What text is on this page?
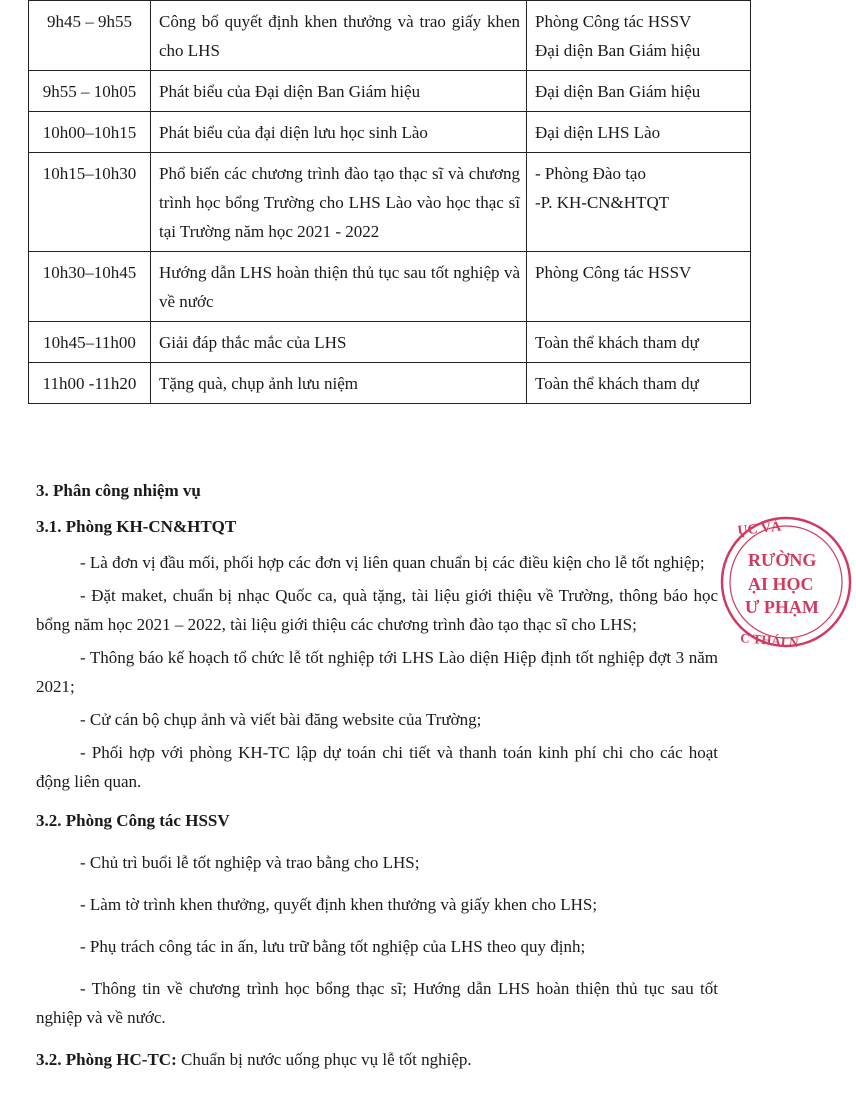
9h45 – 9h55	Công bố quyết định khen thưởng và trao giấy khen cho LHS	Phòng Công tác HSSV

Đại diện Ban Giám hiệu

9h55 – 10h05	Phát biểu của Đại diện Ban Giám hiệu	Đại diện Ban Giám hiệu

10h00–10h15	Phát biểu của đại diện lưu học sinh Lào	Đại diện LHS Lào

10h15–10h30	Phổ biến các chương trình đào tạo thạc sĩ và chương trình học bổng Trường cho LHS Lào vào học thạc sĩ tại Trường năm học 2021 - 2022	- Phòng Đào tạo

-P. KH-CN&HTQT

10h30–10h45	Hướng dẫn LHS hoàn thiện thủ tục sau tốt nghiệp và về nước	Phòng Công tác HSSV

10h45–11h00	Giải đáp thắc mắc của LHS	Toàn thể khách tham dự

11h00 -11h20	Tặng quà, chụp ảnh lưu niệm	Toàn thể khách tham dự

3. Phân công nhiệm vụ

3.1. Phòng KH-CN&HTQT

- Là đơn vị đầu mối, phối hợp các đơn vị liên quan chuẩn bị các điều kiện cho lễ tốt nghiệp;

- Đặt maket, chuẩn bị nhạc Quốc ca, quà tặng, tài liệu giới thiệu về Trường, thông báo học bổng năm học 2021 – 2022, tài liệu giới thiệu các chương trình đào tạo thạc sĩ cho LHS;

- Thông báo kế hoạch tổ chức lễ tốt nghiệp tới LHS Lào diện Hiệp định tốt nghiệp đợt 3 năm 2021;

- Cử cán bộ chụp ảnh và viết bài đăng website của Trường;

- Phối hợp với phòng KH-TC lập dự toán chi tiết và thanh toán kinh phí chi cho các hoạt động liên quan.

3.2. Phòng Công tác HSSV

- Chủ trì buổi lễ tốt nghiệp và trao bằng cho LHS;

- Làm tờ trình khen thưởng, quyết định khen thưởng và giấy khen cho LHS;

- Phụ trách công tác in ấn, lưu trữ bằng tốt nghiệp của LHS theo quy định;

- Thông tin về chương trình học bổng thạc sĩ; Hướng dẫn LHS hoàn thiện thủ tục sau tốt nghiệp và về nước.

3.2. Phòng HC-TC: Chuẩn bị nước uống phục vụ lễ tốt nghiệp.

ỤC VÀ
RƯỜNG
ẠI HỌC
Ư PHẠM
C THÁI N
